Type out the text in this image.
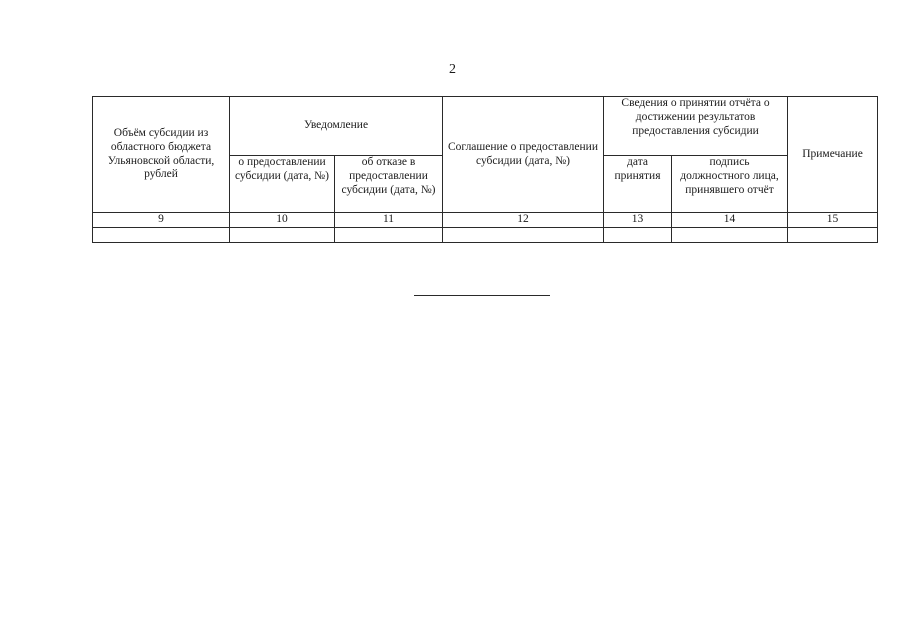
2
Объём субсидии из областного бюджета Ульяновской области, рублей	Уведомление		Соглашение о предоставлении субсидии (дата, №)	Сведения о принятии отчёта о достижении результатов предоставления субсидии		Примечание
	о предоставлении субсидии (дата, №)	об отказе в предоставлении субсидии (дата, №)		дата принятия	подпись должностного лица, принявшего отчёт	
9	10	11	12	13	14	15
